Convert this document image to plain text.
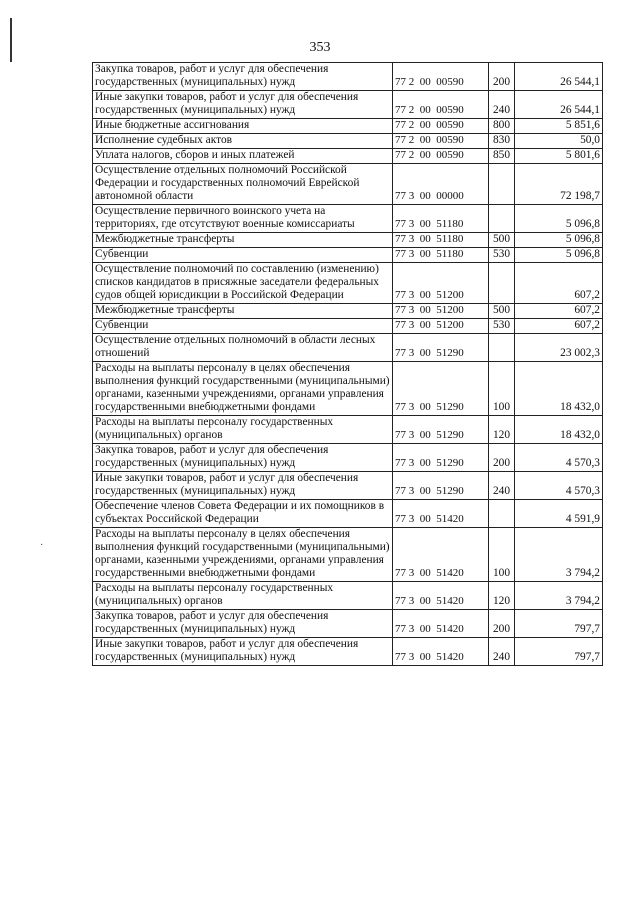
353
Закупка товаров, работ и услуг для обеспечения государственных (муниципальных) нужд	77 2  00  00590	200	26 544,1
Иные закупки товаров, работ и услуг для обеспечения государственных (муниципальных) нужд	77 2  00  00590	240	26 544,1
Иные бюджетные ассигнования	77 2  00  00590	800	5 851,6
Исполнение судебных актов	77 2  00  00590	830	50,0
Уплата налогов, сборов и иных платежей	77 2  00  00590	850	5 801,6
Осуществление отдельных полномочий Российской Федерации и государственных полномочий Еврейской автономной области	77 3  00  00000		72 198,7
Осуществление первичного воинского учета на территориях, где отсутствуют военные комиссариаты	77 3  00  51180		5 096,8
Межбюджетные трансферты	77 3  00  51180	500	5 096,8
Субвенции	77 3  00  51180	530	5 096,8
Осуществление полномочий по составлению (изменению) списков кандидатов в присяжные заседатели федеральных судов общей юрисдикции в Российской Федерации	77 3  00  51200		607,2
Межбюджетные трансферты	77 3  00  51200	500	607,2
Субвенции	77 3  00  51200	530	607,2
Осуществление отдельных полномочий в области лесных отношений	77 3  00  51290		23 002,3
Расходы на выплаты персоналу в целях обеспечения выполнения функций государственными (муниципальными) органами, казенными учреждениями, органами управления государственными внебюджетными фондами	77 3  00  51290	100	18 432,0
Расходы на выплаты персоналу государственных (муниципальных) органов	77 3  00  51290	120	18 432,0
Закупка товаров, работ и услуг для обеспечения государственных (муниципальных) нужд	77 3  00  51290	200	4 570,3
Иные закупки товаров, работ и услуг для обеспечения государственных (муниципальных) нужд	77 3  00  51290	240	4 570,3
Обеспечение членов Совета Федерации и их помощников в субъектах Российской Федерации	77 3  00  51420		4 591,9
Расходы на выплаты персоналу в целях обеспечения выполнения функций государственными (муниципальными) органами, казенными учреждениями, органами управления государственными внебюджетными фондами	77 3  00  51420	100	3 794,2
Расходы на выплаты персоналу государственных (муниципальных) органов	77 3  00  51420	120	3 794,2
Закупка товаров, работ и услуг для обеспечения государственных (муниципальных) нужд	77 3  00  51420	200	797,7
Иные закупки товаров, работ и услуг для обеспечения государственных (муниципальных) нужд	77 3  00  51420	240	797,7
·
